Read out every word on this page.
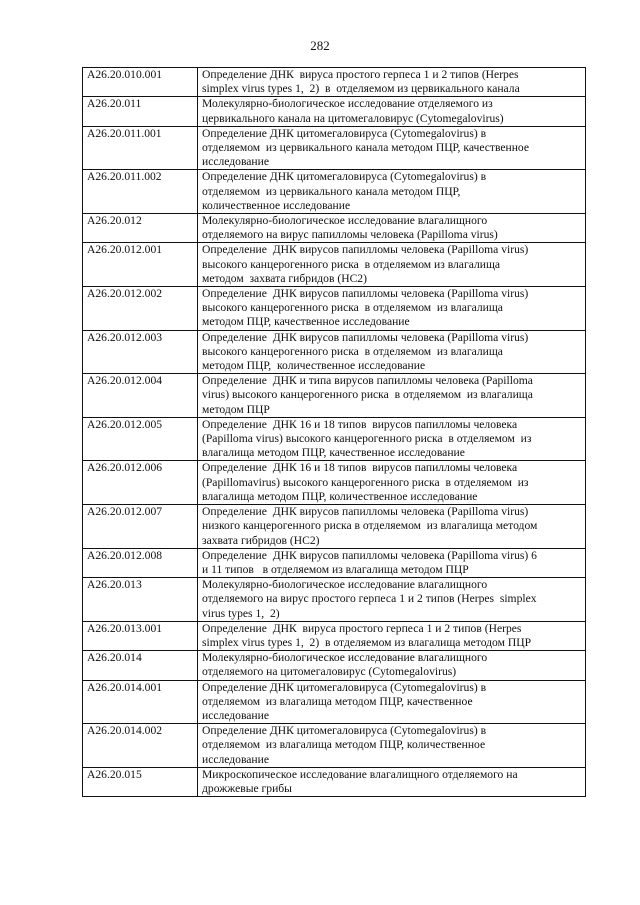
282
A26.20.010.001	Определение ДНК  вируса простого герпеса 1 и 2 типов (Herpes
simplex virus types 1,  2)  в  отделяемом из цервикального канала

A26.20.011	Молекулярно-биологическое исследование отделяемого из
цервикального канала на цитомегаловирус (Cytomegalovirus)

A26.20.011.001	Определение ДНК цитомегаловируса (Cytomegalovirus) в
отделяемом  из цервикального канала методом ПЦР, качественное
исследование

A26.20.011.002	Определение ДНК цитомегаловируса (Cytomegalovirus) в
отделяемом  из цервикального канала методом ПЦР,
количественное исследование

A26.20.012	Молекулярно-биологическое исследование влагалищного
отделяемого на вирус папилломы человека (Papilloma virus)

A26.20.012.001	Определение  ДНК вирусов папилломы человека (Papilloma virus)
высокого канцерогенного риска  в отделяемом из влагалища
методом  захвата гибридов (НС2)

A26.20.012.002	Определение  ДНК вирусов папилломы человека (Papilloma virus)
высокого канцерогенного риска  в отделяемом  из влагалища
методом ПЦР, качественное исследование

A26.20.012.003	Определение  ДНК вирусов папилломы человека (Papilloma virus)
высокого канцерогенного риска  в отделяемом  из влагалища
методом ПЦР,  количественное исследование

A26.20.012.004	Определение  ДНК и типа вирусов папилломы человека (Papilloma
virus) высокого канцерогенного риска  в отделяемом  из влагалища
методом ПЦР

A26.20.012.005	Определение  ДНК 16 и 18 типов  вирусов папилломы человека
(Papilloma virus) высокого канцерогенного риска  в отделяемом  из
влагалища методом ПЦР, качественное исследование

A26.20.012.006	Определение  ДНК 16 и 18 типов  вирусов папилломы человека
(Papillomavirus) высокого канцерогенного риска  в отделяемом  из
влагалища методом ПЦР, количественное исследование

A26.20.012.007	Определение  ДНК вирусов папилломы человека (Papilloma virus)
низкого канцерогенного риска в отделяемом  из влагалища методом
захвата гибридов (НС2)

A26.20.012.008	Определение  ДНК вирусов папилломы человека (Papilloma virus) 6
и 11 типов   в отделяемом из влагалища методом ПЦР

A26.20.013	Молекулярно-биологическое исследование влагалищного
отделяемого на вирус простого герпеса 1 и 2 типов (Herpes  simplex
virus types 1,  2)

A26.20.013.001	Определение  ДНК  вируса простого герпеса 1 и 2 типов (Herpes
simplex virus types 1,  2)  в отделяемом из влагалища методом ПЦР

A26.20.014	Молекулярно-биологическое исследование влагалищного
отделяемого на цитомегаловирус (Cytomegalovirus)

A26.20.014.001	Определение ДНК цитомегаловируса (Cytomegalovirus) в
отделяемом  из влагалища методом ПЦР, качественное
исследование

A26.20.014.002	Определение ДНК цитомегаловируса (Cytomegalovirus) в
отделяемом  из влагалища методом ПЦР, количественное
исследование

A26.20.015	Микроскопическое исследование влагалищного отделяемого на
дрожжевые грибы
